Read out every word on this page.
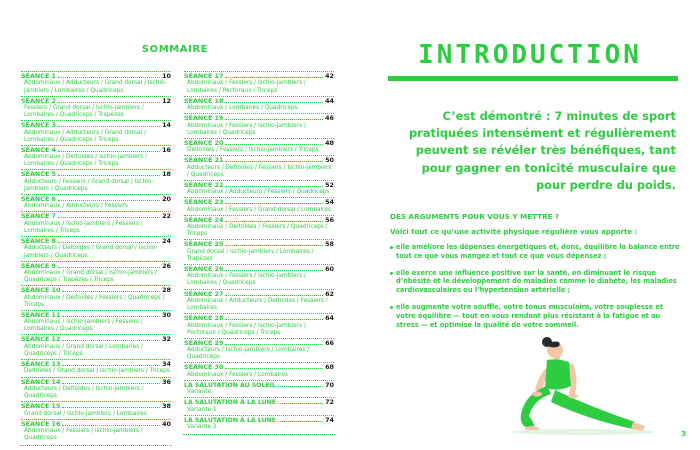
SOMMAIRE
SÉANCE 1	10
Abdominaux / Adducteurs / Grand dorsal / Ischio-jambiers / Lombaires / Quadriceps
SÉANCE 2	12
Fessiers / Grand dorsal / Ischio-jambiers / Lombaires / Quadriceps / Trapèzes
SÉANCE 3	14
Abdominaux / Adducteurs / Grand dorsal / Lombaires / Quadriceps / Triceps
SÉANCE 4	16
Abdominaux / Deltoïdes / Ischio-jambiers / Lombaires / Quadriceps / Triceps
SÉANCE 5	18
Adducteurs / Fessiers / Grand dorsal / Ischio-jambiers / Quadriceps
SÉANCE 6	20
Abdominaux / Adducteurs / Fessiers
SÉANCE 7	22
Abdominaux / Ischio-jambiers / Fessiers / Lombaires / Triceps
SÉANCE 8	24
Adducteurs / Deltoïdes / Grand dorsal / Ischio-jambiers / Quadriceps
SÉANCE 9	26
Abdominaux / Grand dorsal / Ischio-jambiers / Quadriceps / Trapèzes / Triceps
SÉANCE 10	28
Abdominaux / Deltoïdes / Fessiers / Quadriceps / Triceps
SÉANCE 11	30
Abdominaux / Ischio-jambiers / Fessiers / Lombaires / Quadriceps
SÉANCE 12	32
Abdominaux / Grand dorsal / Lombaires / Quadriceps / Triceps
SÉANCE 13	34
Deltoïdes / Grand dorsal / Ischio-jambiers / Triceps
SÉANCE 14	36
Adducteurs / Deltoïdes / Ischio-jambiers / Quadriceps
SÉANCE 15	38
Grand dorsal / Ischio-jambiers / Lombaires
SÉANCE 16	40
Abdominaux / Fessiers / Ischio-jambiers / Quadriceps
SÉANCE 17	42
Abdominaux / Fessiers / Ischio-jambiers / Lombaires / Pectoraux / Triceps
SÉANCE 18	44
Abdominaux / Lombaires / Quadriceps
SÉANCE 19	46
Abdominaux / Fessiers / Ischio-jambiers / Lombaires / Quadriceps
SÉANCE 20	48
Deltoïdes / Fessiers / Ischio-jambiers / Triceps
SÉANCE 21	50
Adducteurs / Deltoïdes / Fessiers / Ischio-jambiers / Quadriceps
SÉANCE 22	52
Abdominaux / Adducteurs / Fessiers / Quadriceps
SÉANCE 23	54
Abdominaux / Fessiers / Grand dorsal / Lombaires
SÉANCE 24	56
Abdominaux / Deltoïdes / Fessiers / Quadriceps / Triceps
SÉANCE 25	58
Grand dorsal / Ischio-jambiers / Lombaires / Trapèzes
SÉANCE 26	60
Abdominaux / Fessiers / Ischio-jambiers / Lombaires / Quadriceps
SÉANCE 27	62
Abdominaux / Adducteurs / Deltoïdes / Fessiers / Lombaires
SÉANCE 28	64
Abdominaux / Fessiers / Ischio-jambiers / Pectoraux / Quadriceps / Triceps
SÉANCE 29	66
Adducteurs / Ischio-jambiers / Lombaires / Quadriceps
SÉANCE 30	68
Abdominaux / Fessiers / Lombaires
LA SALUTATION AU SOLEIL	70
Variante
LA SALUTATION À LA LUNE	72
Variante 1
LA SALUTATION À LA LUNE	74
Variante 2
INTRODUCTION

C’est démontré : 7 minutes de sport pratiquées intensément et régulièrement peuvent se révéler très bénéfiques, tant pour gagner en tonicité musculaire que pour perdre du poids.

DES ARGUMENTS POUR VOUS Y METTRE ?
Voici tout ce qu’une activité physique régulière vous apporte :
elle améliore les dépenses énergétiques et, donc, équilibre la balance entre tout ce que vous mangez et tout ce que vous dépensez ;
elle exerce une influence positive sur la santé, en diminuant le risque d’obésité et le développement de maladies comme le diabète, les maladies cardiovasculaires ou l’hypertension artérielle ;
elle augmente votre souffle, votre tonus musculaire, votre souplesse et votre équilibre — tout en vous rendant plus résistant à la fatigue et au stress — et optimise la qualité de votre sommeil.
3
